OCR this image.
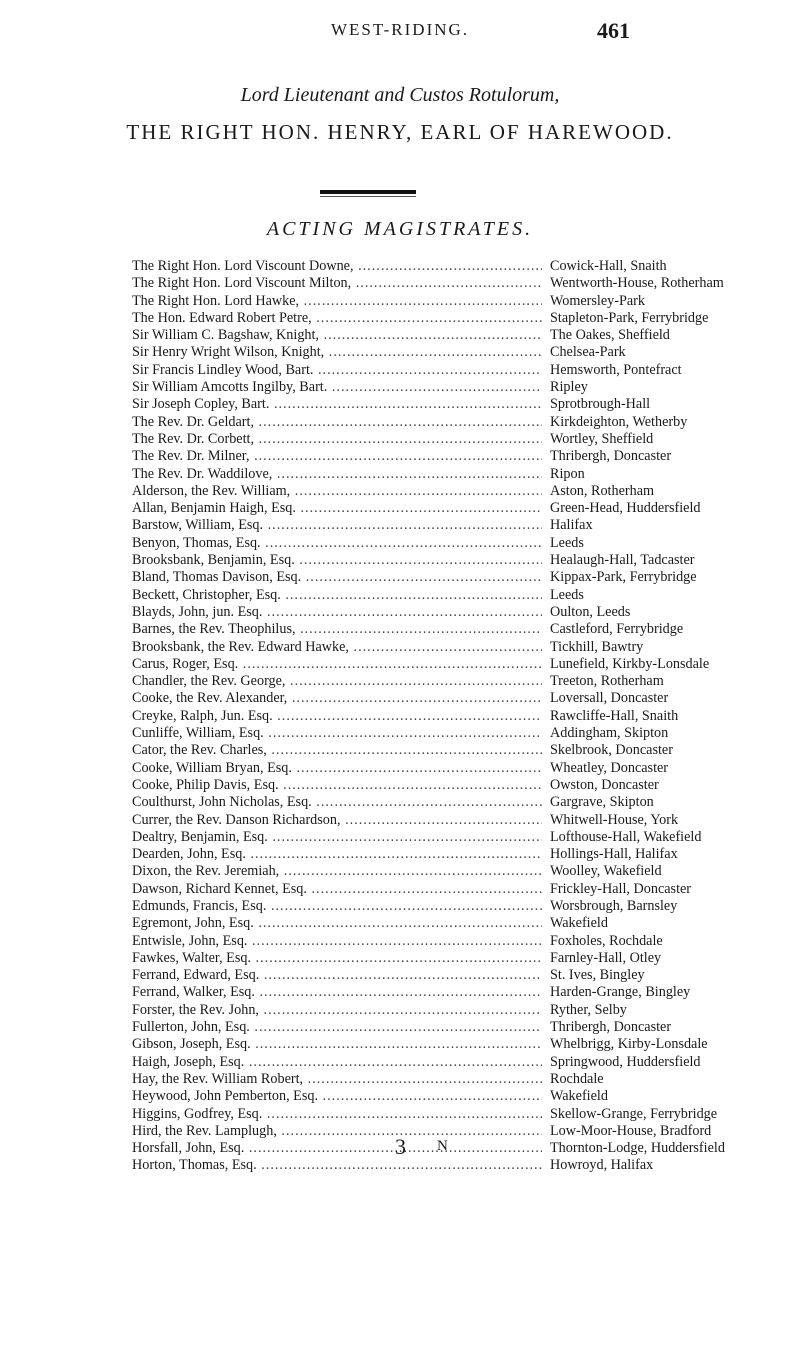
WEST-RIDING.	461
Lord Lieutenant and Custos Rotulorum,
THE RIGHT HON. HENRY, EARL OF HAREWOOD.
ACTING MAGISTRATES.
The Right Hon. Lord Viscount Downe, .....	Cowick-Hall, Snaith
The Right Hon. Lord Viscount Milton, .....	Wentworth-House, Rotherham
The Right Hon. Lord Hawke, .....	Womersley-Park
The Hon. Edward Robert Petre, .....	Stapleton-Park, Ferrybridge
Sir William C. Bagshaw, Knight, .....	The Oakes, Sheffield
Sir Henry Wright Wilson, Knight, .....	Chelsea-Park
Sir Francis Lindley Wood, Bart. .....	Hemsworth, Pontefract
Sir William Amcotts Ingilby, Bart. .....	Ripley
Sir Joseph Copley, Bart. .....	Sprotbrough-Hall
The Rev. Dr. Geldart, .....	Kirkdeighton, Wetherby
The Rev. Dr. Corbett, .....	Wortley, Sheffield
The Rev. Dr. Milner, .....	Thribergh, Doncaster
The Rev. Dr. Waddilove, .....	Ripon
Alderson, the Rev. William, .....	Aston, Rotherham
Allan, Benjamin Haigh, Esq. .....	Green-Head, Huddersfield
Barstow, William, Esq. .....	Halifax
Benyon, Thomas, Esq. .....	Leeds
Brooksbank, Benjamin, Esq. .....	Healaugh-Hall, Tadcaster
Bland, Thomas Davison, Esq. .....	Kippax-Park, Ferrybridge
Beckett, Christopher, Esq. .....	Leeds
Blayds, John, jun. Esq. .....	Oulton, Leeds
Barnes, the Rev. Theophilus, .....	Castleford, Ferrybridge
Brooksbank, the Rev. Edward Hawke, .....	Tickhill, Bawtry
Carus, Roger, Esq. .....	Lunefield, Kirkby-Lonsdale
Chandler, the Rev. George, .....	Treeton, Rotherham
Cooke, the Rev. Alexander, .....	Loversall, Doncaster
Creyke, Ralph, Jun. Esq. .....	Rawcliffe-Hall, Snaith
Cunliffe, William, Esq. .....	Addingham, Skipton
Cator, the Rev. Charles, .....	Skelbrook, Doncaster
Cooke, William Bryan, Esq. .....	Wheatley, Doncaster
Cooke, Philip Davis, Esq. .....	Owston, Doncaster
Coulthurst, John Nicholas, Esq. .....	Gargrave, Skipton
Currer, the Rev. Danson Richardson, .....	Whitwell-House, York
Dealtry, Benjamin, Esq. .....	Lofthouse-Hall, Wakefield
Dearden, John, Esq. .....	Hollings-Hall, Halifax
Dixon, the Rev. Jeremiah, .....	Woolley, Wakefield
Dawson, Richard Kennet, Esq. .....	Frickley-Hall, Doncaster
Edmunds, Francis, Esq. .....	Worsbrough, Barnsley
Egremont, John, Esq. .....	Wakefield
Entwisle, John, Esq. .....	Foxholes, Rochdale
Fawkes, Walter, Esq. .....	Farnley-Hall, Otley
Ferrand, Edward, Esq. .....	St. Ives, Bingley
Ferrand, Walker, Esq. .....	Harden-Grange, Bingley
Forster, the Rev. John, .....	Ryther, Selby
Fullerton, John, Esq. .....	Thribergh, Doncaster
Gibson, Joseph, Esq. .....	Whelbrigg, Kirby-Lonsdale
Haigh, Joseph, Esq. .....	Springwood, Huddersfield
Hay, the Rev. William Robert, .....	Rochdale
Heywood, John Pemberton, Esq. .....	Wakefield
Higgins, Godfrey, Esq. .....	Skellow-Grange, Ferrybridge
Hird, the Rev. Lamplugh, .....	Low-Moor-House, Bradford
Horsfall, John, Esq. .....	Thornton-Lodge, Huddersfield
Horton, Thomas, Esq. .....	Howroyd, Halifax
3 N
